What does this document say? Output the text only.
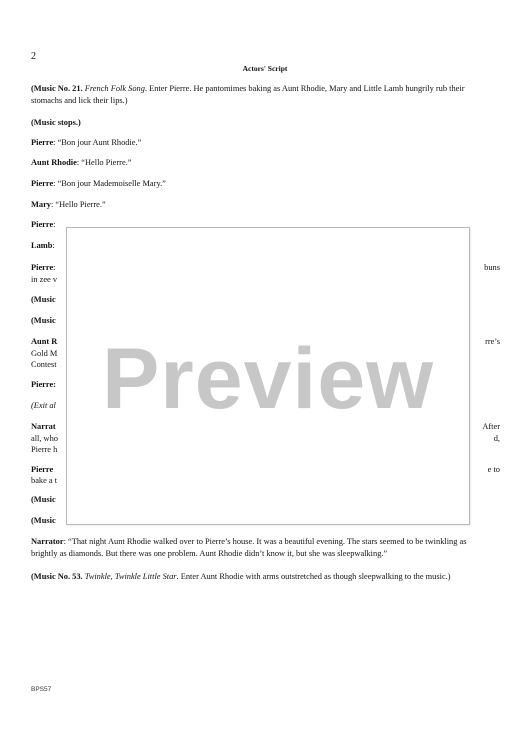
2
Actors' Script
(Music No. 21. French Folk Song. Enter Pierre. He pantomimes baking as Aunt Rhodie, Mary and Little Lamb hungrily rub their stomachs and lick their lips.)
(Music stops.)
Pierre: “Bon jour Aunt Rhodie.”
Aunt Rhodie: “Hello Pierre.”
Pierre: “Bon jour Mademoiselle Mary.”
Mary: “Hello Pierre.”
Pierre:
Lamb:
Pierre:
in zee v
(Music
(Music
Aunt R
Gold M
Contest
Pierre:
(Exit al
Narrat
all, who
Pierre h
Pierre
bake a t
(Music
(Music
Narrator: “That night Aunt Rhodie walked over to Pierre’s house. It was a beautiful evening. The stars seemed to be twinkling as brightly as diamonds. But there was one problem. Aunt Rhodie didn’t know it, but she was sleepwalking.”
(Music No. 53. Twinkle, Twinkle Little Star. Enter Aunt Rhodie with arms outstretched as though sleepwalking to the music.)
buns
rre’s
After
d,
e to
BPS57
Preview
